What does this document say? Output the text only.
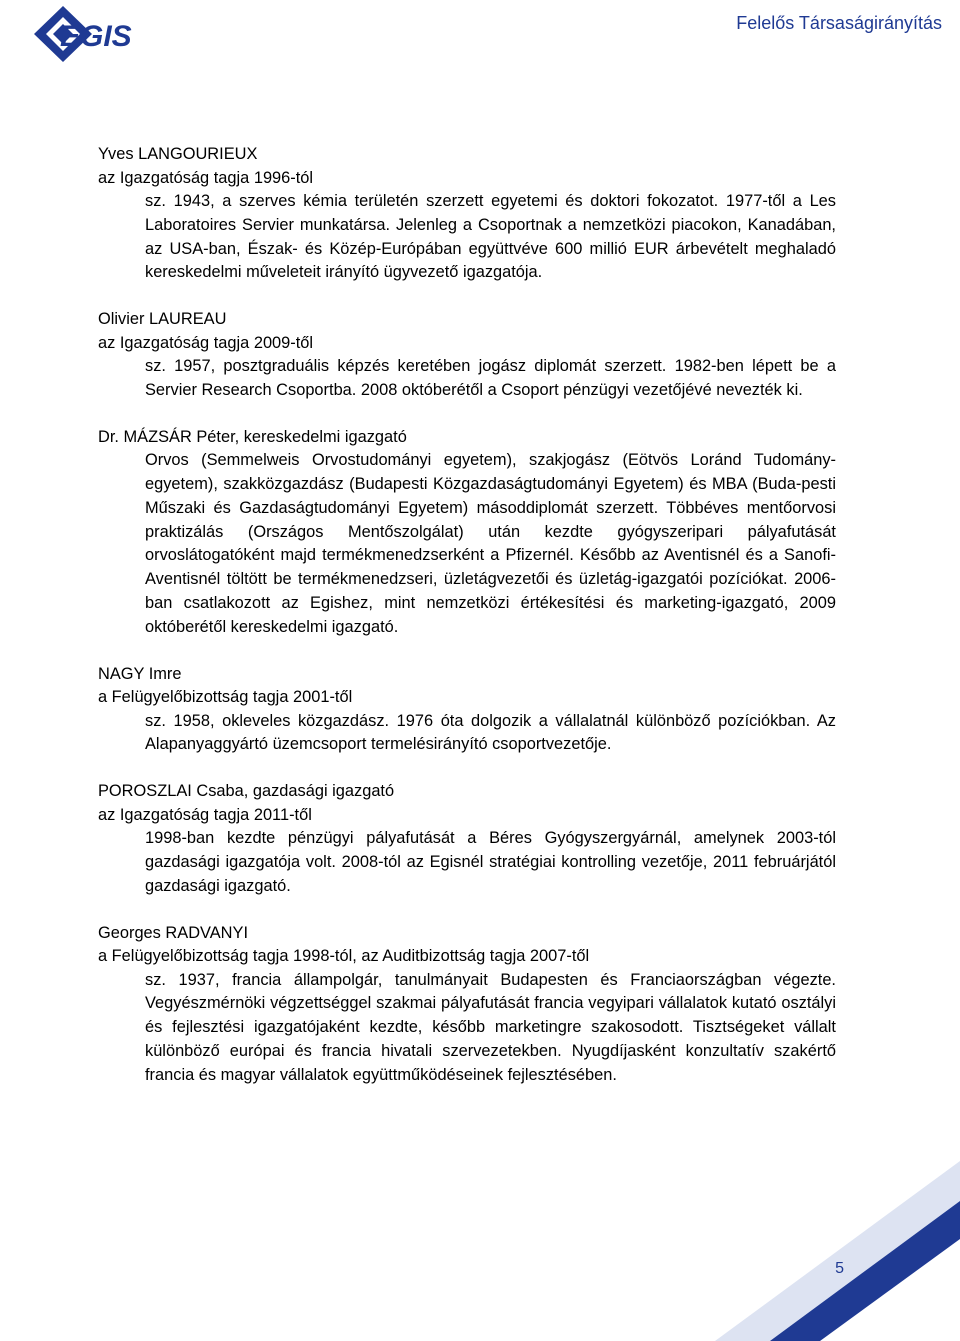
EGIS	Felelős Társaságirányítás

Yves LANGOURIEUX

az Igazgatóság tagja 1996-tól

sz. 1943, a szerves kémia területén szerzett egyetemi és doktori fokozatot. 1977-től a Les Laboratoires Servier munkatársa. Jelenleg a Csoportnak a nemzetközi piacokon, Kanadában, az USA-ban, Észak- és Közép-Európában együttvéve 600 millió EUR árbevételt meghaladó kereskedelmi műveleteit irányító ügyvezető igazgatója.

Olivier LAUREAU

az Igazgatóság tagja 2009-től

sz. 1957, posztgraduális képzés keretében jogász diplomát szerzett. 1982-ben lépett be a Servier Research Csoportba. 2008 októberétől a Csoport pénzügyi vezetőjévé nevezték ki.

Dr. MÁZSÁR Péter, kereskedelmi igazgató

Orvos (Semmelweis Orvostudományi egyetem), szakjogász (Eötvös Loránd Tudomány-egyetem), szakközgazdász (Budapesti Közgazdaságtudományi Egyetem) és MBA (Buda-pesti Műszaki és Gazdaságtudományi Egyetem) másoddiplomát szerzett. Többéves mentőorvosi praktizálás (Országos Mentőszolgálat) után kezdte gyógyszeripari pályafutását orvoslátogatóként majd termékmenedzserként a Pfizernél. Később az Aventisnél és a Sanofi-Aventisnél töltött be termékmenedzseri, üzletágvezetői és üzletág-igazgatói pozíciókat. 2006-ban csatlakozott az Egishez, mint nemzetközi értékesítési és marketing-igazgató, 2009 októberétől kereskedelmi igazgató.

NAGY Imre

a Felügyelőbizottság tagja 2001-től

sz. 1958, okleveles közgazdász. 1976 óta dolgozik a vállalatnál különböző pozíciókban. Az Alapanyaggyártó üzemcsoport termelésirányító csoportvezetője.

POROSZLAI Csaba, gazdasági igazgató

az Igazgatóság tagja 2011-től

1998-ban kezdte pénzügyi pályafutását a Béres Gyógyszergyárnál, amelynek 2003-tól gazdasági igazgatója volt. 2008-tól az Egisnél stratégiai kontrolling vezetője, 2011 februárjától gazdasági igazgató.

Georges RADVANYI

a Felügyelőbizottság tagja 1998-tól, az Auditbizottság tagja 2007-től

sz. 1937, francia állampolgár, tanulmányait Budapesten és Franciaországban végezte. Vegyészmérnöki végzettséggel szakmai pályafutását francia vegyipari vállalatok kutató osztályi és fejlesztési igazgatójaként kezdte, később marketingre szakosodott. Tisztségeket vállalt különböző európai és francia hivatali szervezetekben. Nyugdíjasként konzultatív szakértő francia és magyar vállalatok együttműködéseinek fejlesztésében.

5
